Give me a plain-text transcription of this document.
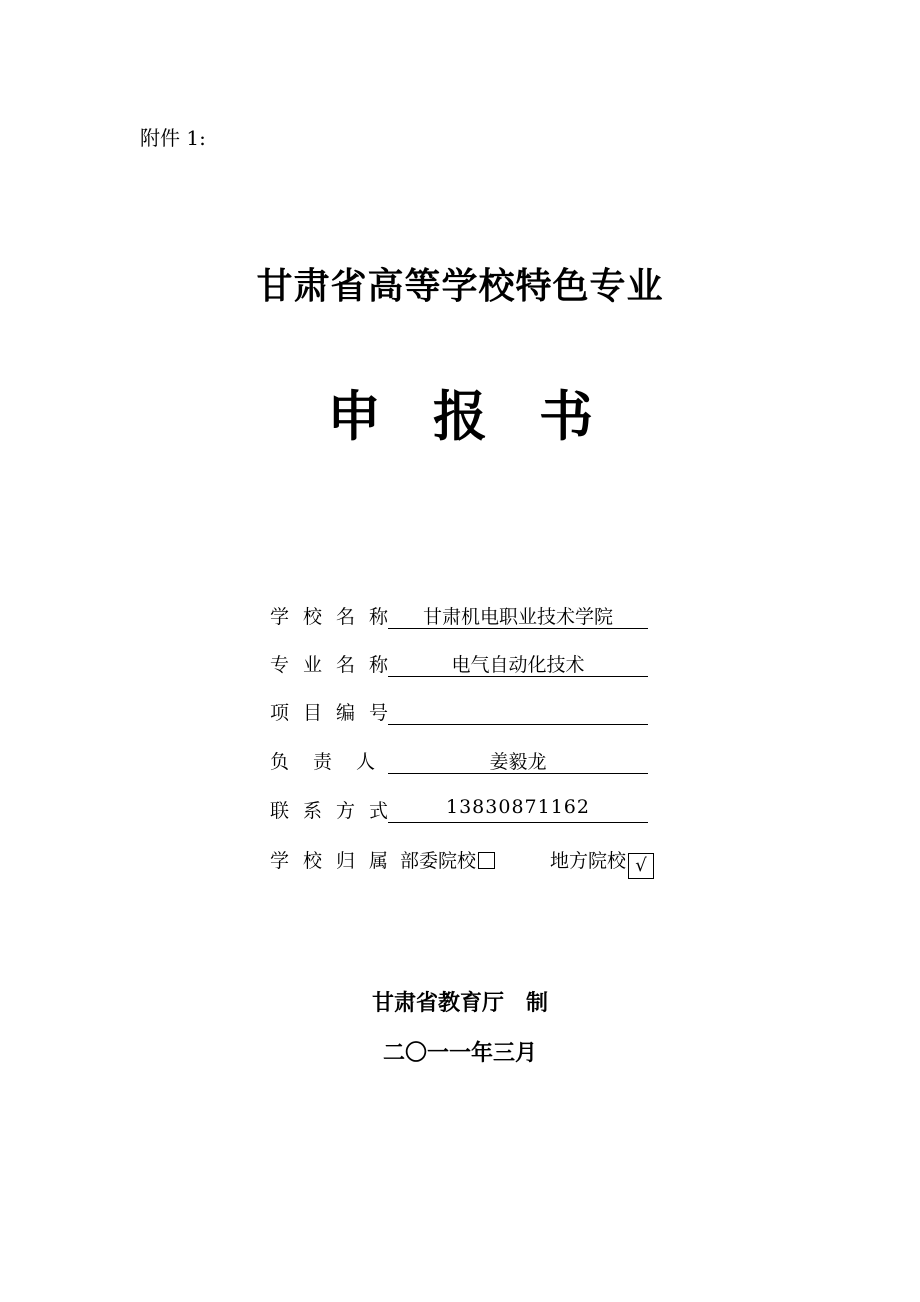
附件 1:
甘肃省高等学校特色专业
申 报 书
学 校 名 称	甘肃机电职业技术学院
专 业 名 称	电气自动化技术
项 目 编 号
负 责 人	姜毅龙
联 系 方 式	13830871162
学 校 归 属 部委院校	地方院校 √
甘肃省教育厅 制
二〇一一年三月
